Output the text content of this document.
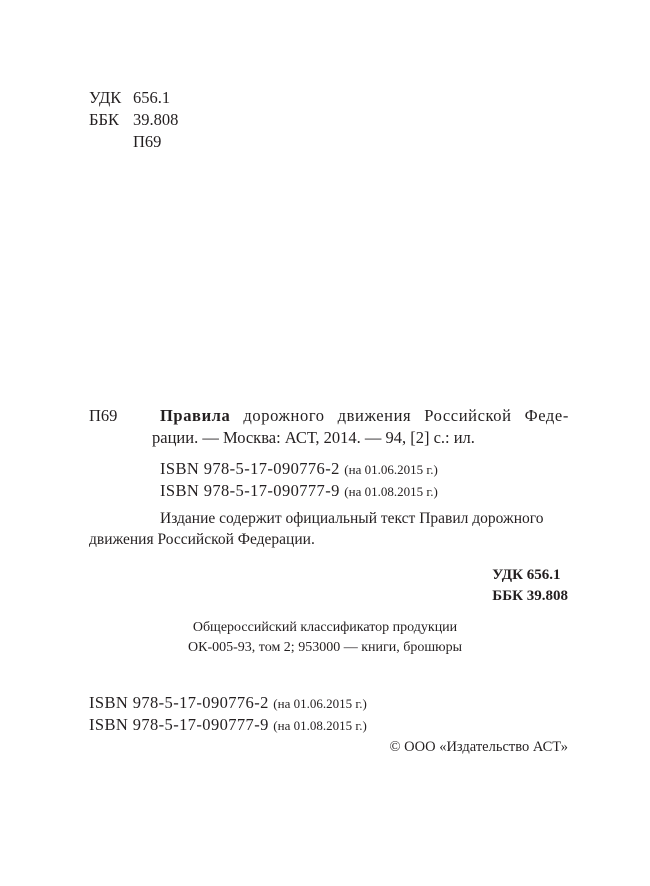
УДК 656.1
ББК 39.808
П69
П69	Правила дорожного движения Российской Феде-
рации. — Москва: АСТ, 2014. — 94, [2] с.: ил.
ISBN 978-5-17-090776-2 (на 01.06.2015 г.)
ISBN 978-5-17-090777-9 (на 01.08.2015 г.)
Издание содержит официальный текст Правил дорожного
движения Российской Федерации.
УДК 656.1
ББК 39.808
Общероссийский классификатор продукции
ОК-005-93, том 2; 953000 — книги, брошюры
ISBN 978-5-17-090776-2 (на 01.06.2015 г.)
ISBN 978-5-17-090777-9 (на 01.08.2015 г.)
© ООО «Издательство АСТ»
